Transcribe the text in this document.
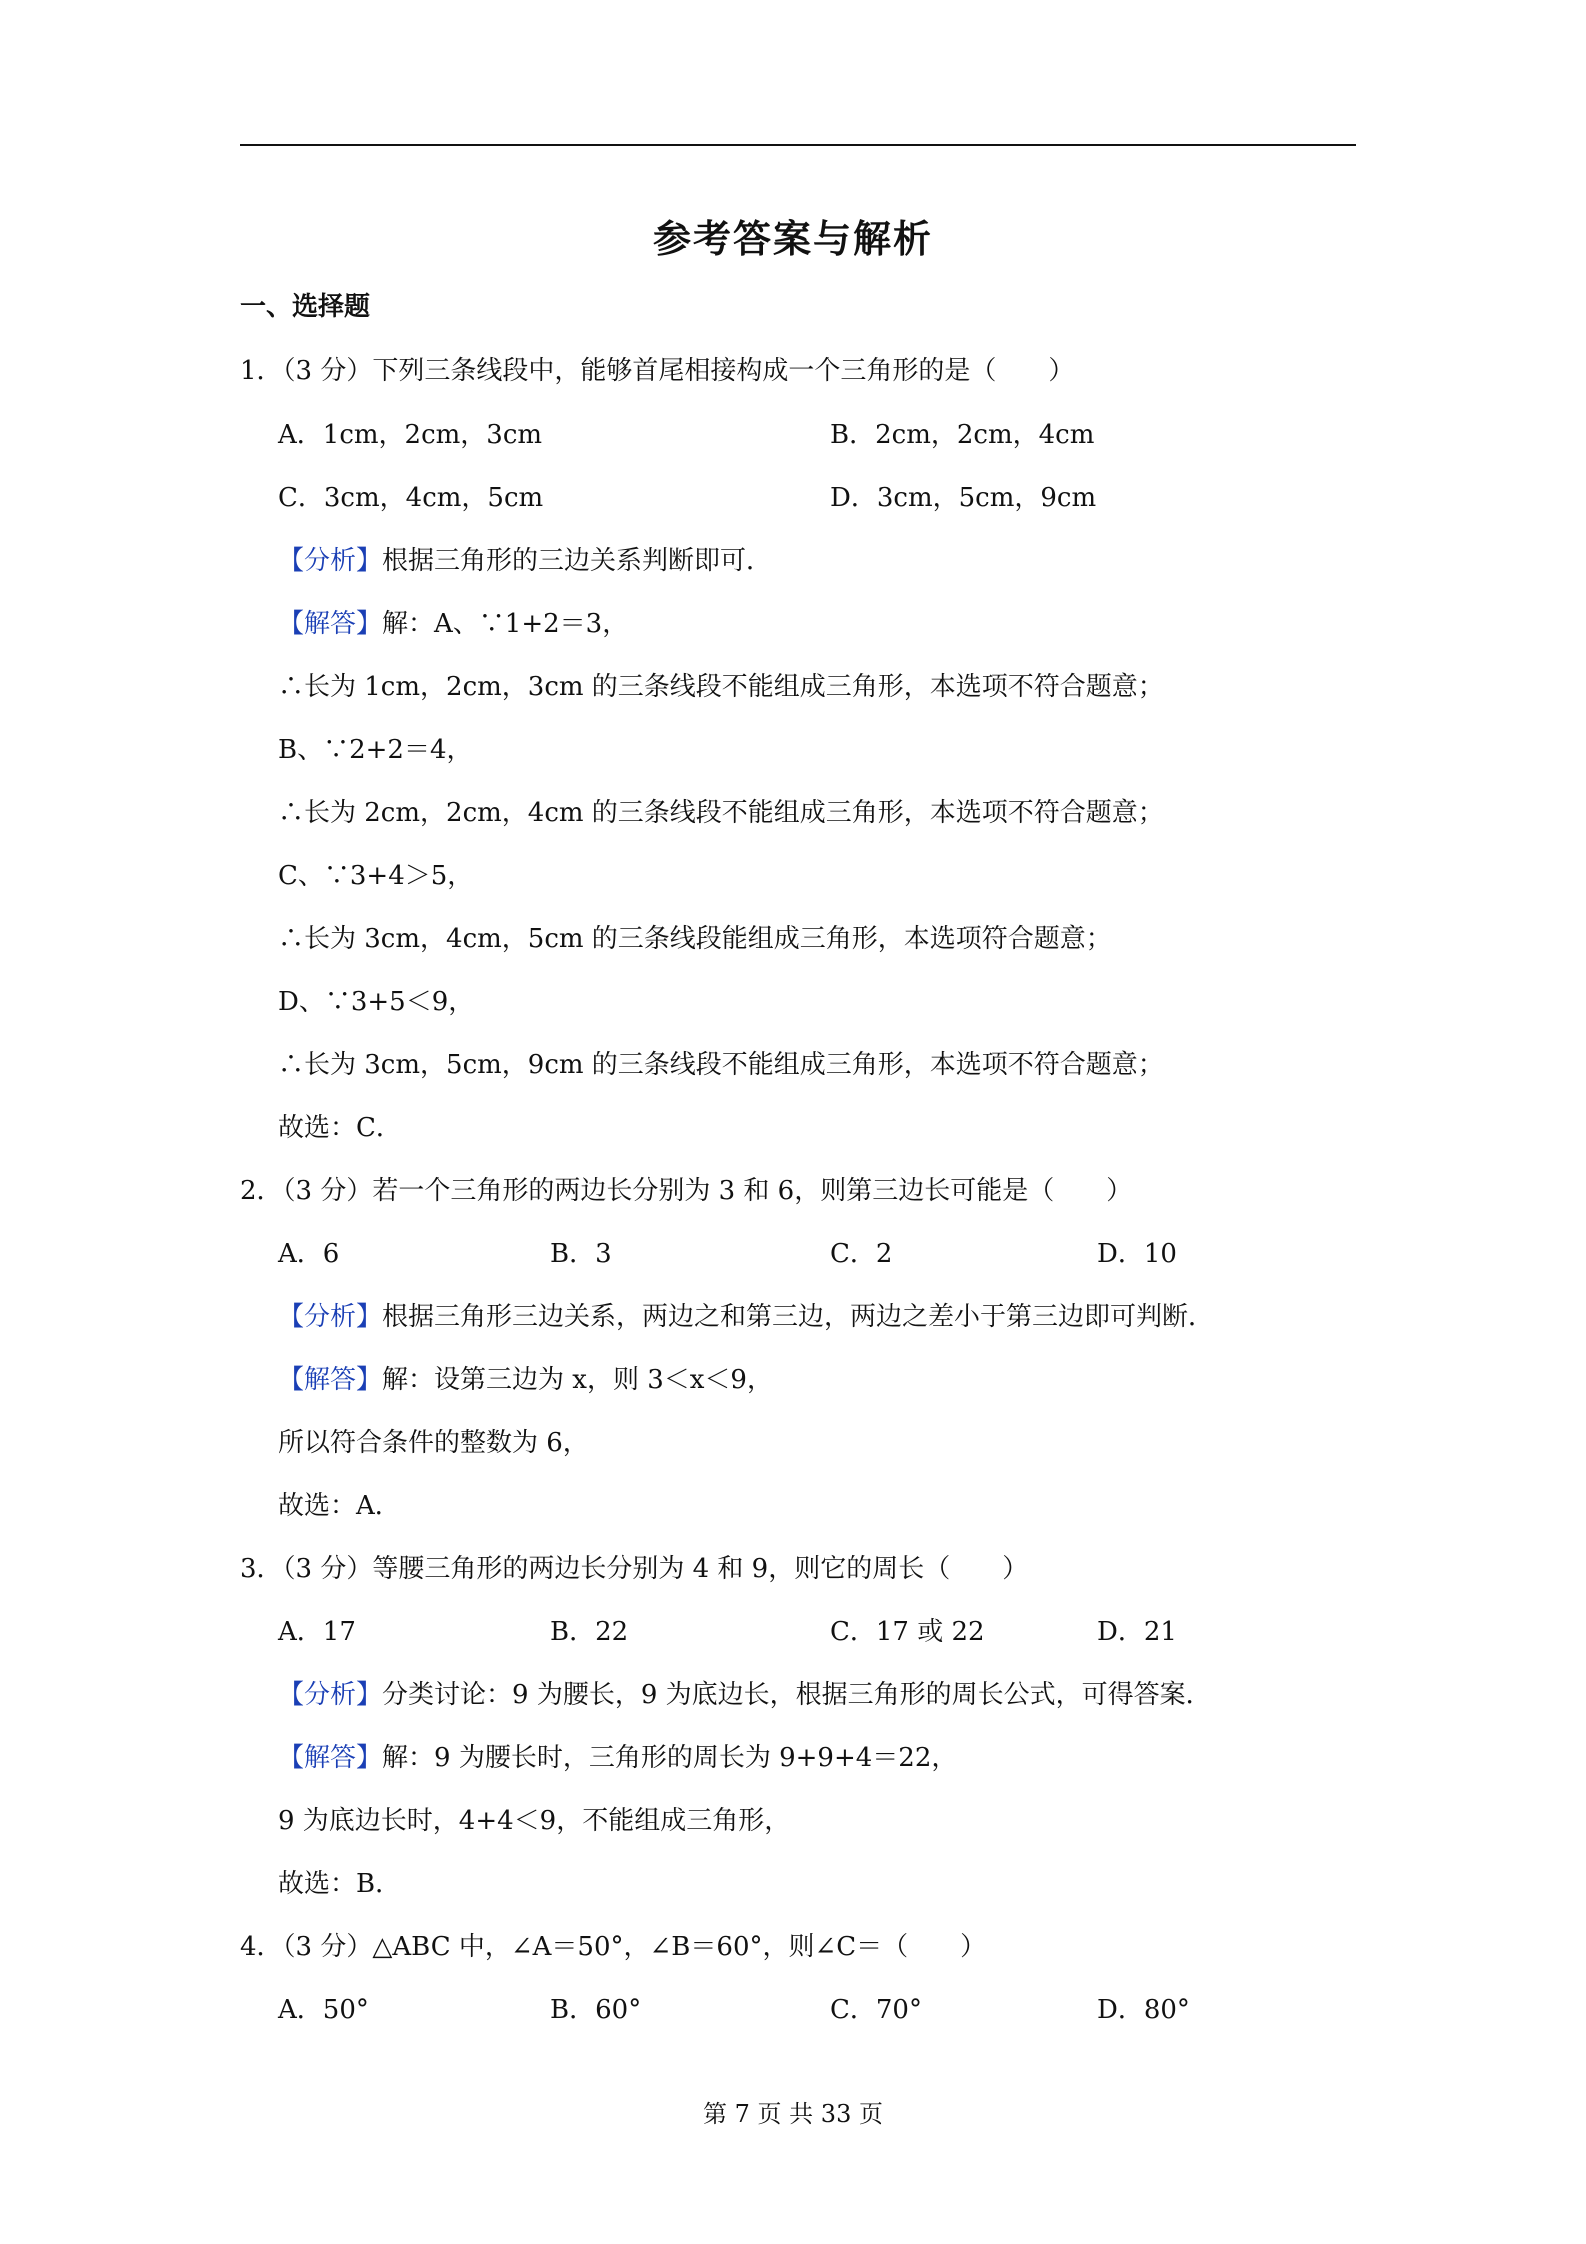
参考答案与解析
一、选择题
1．（3 分）下列三条线段中，能够首尾相接构成一个三角形的是（　　）
A．1cm，2cm，3cm	B．2cm，2cm，4cm
C．3cm，4cm，5cm	D．3cm，5cm，9cm
【分析】根据三角形的三边关系判断即可．
【解答】解：A、∵1+2＝3，
∴长为 1cm，2cm，3cm 的三条线段不能组成三角形，本选项不符合题意；
B、∵2+2＝4，
∴长为 2cm，2cm，4cm 的三条线段不能组成三角形，本选项不符合题意；
C、∵3+4＞5，
∴长为 3cm，4cm，5cm 的三条线段能组成三角形，本选项符合题意；
D、∵3+5＜9，
∴长为 3cm，5cm，9cm 的三条线段不能组成三角形，本选项不符合题意；
故选：C．
2．（3 分）若一个三角形的两边长分别为 3 和 6，则第三边长可能是（　　）
A．6	B．3	C．2	D．10
【分析】根据三角形三边关系，两边之和第三边，两边之差小于第三边即可判断．
【解答】解：设第三边为 x，则 3＜x＜9，
所以符合条件的整数为 6，
故选：A．
3．（3 分）等腰三角形的两边长分别为 4 和 9，则它的周长（　　）
A．17	B．22	C．17 或 22	D．21
【分析】分类讨论：9 为腰长，9 为底边长，根据三角形的周长公式，可得答案．
【解答】解：9 为腰长时，三角形的周长为 9+9+4＝22，
9 为底边长时，4+4＜9，不能组成三角形，
故选：B．
4．（3 分）△ABC 中，∠A＝50°，∠B＝60°，则∠C＝（　　）
A．50°	B．60°	C．70°	D．80°
第 7 页 共 33 页
